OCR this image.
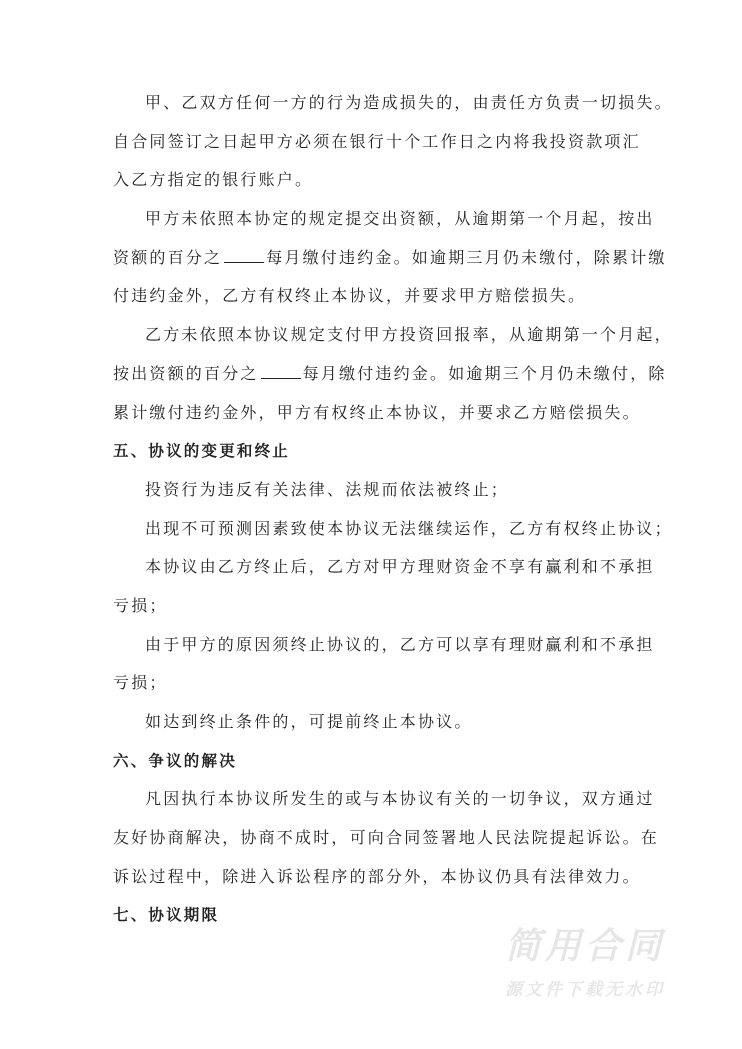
甲、乙双方任何一方的行为造成损失的，由责任方负责一切损失。
自合同签订之日起甲方必须在银行十个工作日之内将我投资款项汇
入乙方指定的银行账户。
甲方未依照本协定的规定提交出资额，从逾期第一个月起，按出
资额的百分之	每月缴付违约金。如逾期三月仍未缴付，除累计缴
付违约金外，乙方有权终止本协议，并要求甲方赔偿损失。
乙方未依照本协议规定支付甲方投资回报率，从逾期第一个月起，
按出资额的百分之	每月缴付违约金。如逾期三个月仍未缴付，除
累计缴付违约金外，甲方有权终止本协议，并要求乙方赔偿损失。
五、协议的变更和终止
投资行为违反有关法律、法规而依法被终止；
出现不可预测因素致使本协议无法继续运作，乙方有权终止协议；
本协议由乙方终止后，乙方对甲方理财资金不享有赢利和不承担
亏损；
由于甲方的原因须终止协议的，乙方可以享有理财赢利和不承担
亏损；
如达到终止条件的，可提前终止本协议。
六、争议的解决
凡因执行本协议所发生的或与本协议有关的一切争议，双方通过
友好协商解决，协商不成时，可向合同签署地人民法院提起诉讼。在
诉讼过程中，除进入诉讼程序的部分外，本协议仍具有法律效力。
七、协议期限
简用合同
源文件下载无水印
